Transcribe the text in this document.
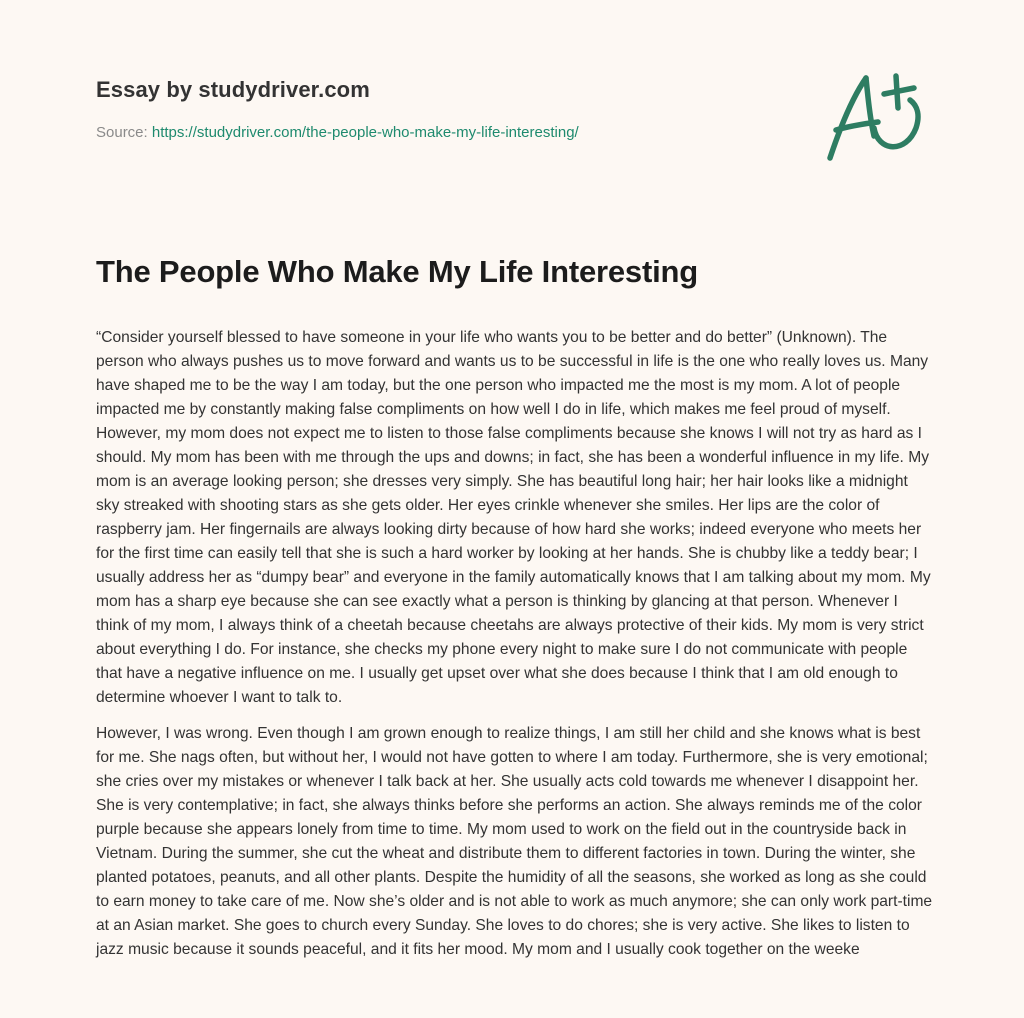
Essay by studydriver.com
Source: https://studydriver.com/the-people-who-make-my-life-interesting/
The People Who Make My Life Interesting

“Consider yourself blessed to have someone in your life who wants you to be better and do better” (Unknown). The person who always pushes us to move forward and wants us to be successful in life is the one who really loves us. Many have shaped me to be the way I am today, but the one person who impacted me the most is my mom. A lot of people impacted me by constantly making false compliments on how well I do in life, which makes me feel proud of myself. However, my mom does not expect me to listen to those false compliments because she knows I will not try as hard as I should. My mom has been with me through the ups and downs; in fact, she has been a wonderful influence in my life. My mom is an average looking person; she dresses very simply. She has beautiful long hair; her hair looks like a midnight sky streaked with shooting stars as she gets older. Her eyes crinkle whenever she smiles. Her lips are the color of raspberry jam. Her fingernails are always looking dirty because of how hard she works; indeed everyone who meets her for the first time can easily tell that she is such a hard worker by looking at her hands. She is chubby like a teddy bear; I usually address her as “dumpy bear” and everyone in the family automatically knows that I am talking about my mom. My mom has a sharp eye because she can see exactly what a person is thinking by glancing at that person. Whenever I think of my mom, I always think of a cheetah because cheetahs are always protective of their kids. My mom is very strict about everything I do. For instance, she checks my phone every night to make sure I do not communicate with people that have a negative influence on me. I usually get upset over what she does because I think that I am old enough to determine whoever I want to talk to.

However, I was wrong. Even though I am grown enough to realize things, I am still her child and she knows what is best for me. She nags often, but without her, I would not have gotten to where I am today. Furthermore, she is very emotional; she cries over my mistakes or whenever I talk back at her. She usually acts cold towards me whenever I disappoint her. She is very contemplative; in fact, she always thinks before she performs an action. She always reminds me of the color purple because she appears lonely from time to time. My mom used to work on the field out in the countryside back in Vietnam. During the summer, she cut the wheat and distribute them to different factories in town. During the winter, she planted potatoes, peanuts, and all other plants. Despite the humidity of all the seasons, she worked as long as she could to earn money to take care of me. Now she’s older and is not able to work as much anymore; she can only work part-time at an Asian market. She goes to church every Sunday. She loves to do chores; she is very active. She likes to listen to jazz music because it sounds peaceful, and it fits her mood. My mom and I usually cook together on the weeke
